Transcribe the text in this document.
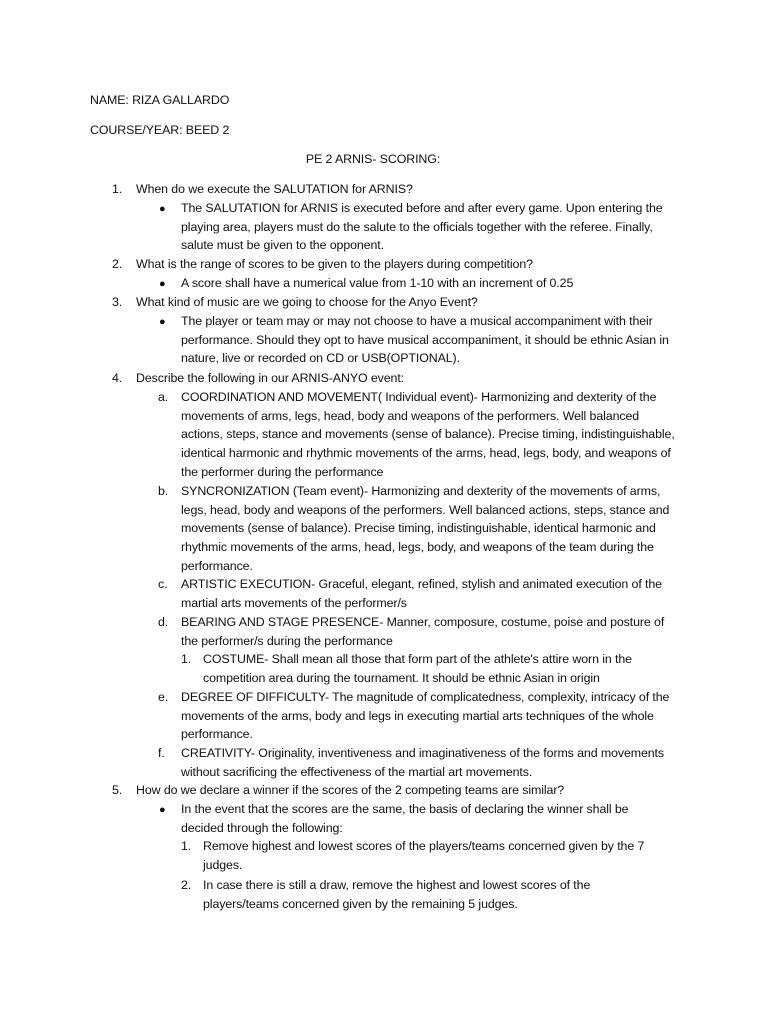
NAME: RIZA GALLARDO
COURSE/YEAR: BEED 2
PE 2 ARNIS- SCORING:
1. When do we execute the SALUTATION for ARNIS?
● The SALUTATION for ARNIS is executed before and after every game. Upon entering the playing area, players must do the salute to the officials together with the referee. Finally, salute must be given to the opponent.
2. What is the range of scores to be given to the players during competition?
● A score shall have a numerical value from 1-10 with an increment of 0.25
3. What kind of music are we going to choose for the Anyo Event?
● The player or team may or may not choose to have a musical accompaniment with their performance. Should they opt to have musical accompaniment, it should be ethnic Asian in nature, live or recorded on CD or USB(OPTIONAL).
4. Describe the following in our ARNIS-ANYO event:
a. COORDINATION AND MOVEMENT( Individual event)- Harmonizing and dexterity of the movements of arms, legs, head, body and weapons of the performers. Well balanced actions, steps, stance and movements (sense of balance). Precise timing, indistinguishable, identical harmonic and rhythmic movements of the arms, head, legs, body, and weapons of the performer during the performance
b. SYNCRONIZATION (Team event)- Harmonizing and dexterity of the movements of arms, legs, head, body and weapons of the performers. Well balanced actions, steps, stance and movements (sense of balance). Precise timing, indistinguishable, identical harmonic and rhythmic movements of the arms, head, legs, body, and weapons of the team during the performance.
c. ARTISTIC EXECUTION- Graceful, elegant, refined, stylish and animated execution of the martial arts movements of the performer/s
d. BEARING AND STAGE PRESENCE- Manner, composure, costume, poise and posture of the performer/s during the performance
1. COSTUME- Shall mean all those that form part of the athlete's attire worn in the competition area during the tournament. It should be ethnic Asian in origin
e. DEGREE OF DIFFICULTY- The magnitude of complicatedness, complexity, intricacy of the movements of the arms, body and legs in executing martial arts techniques of the whole performance.
f. CREATIVITY- Originality, inventiveness and imaginativeness of the forms and movements without sacrificing the effectiveness of the martial art movements.
5. How do we declare a winner if the scores of the 2 competing teams are similar?
● In the event that the scores are the same, the basis of declaring the winner shall be decided through the following:
1. Remove highest and lowest scores of the players/teams concerned given by the 7 judges.
2. In case there is still a draw, remove the highest and lowest scores of the players/teams concerned given by the remaining 5 judges.
